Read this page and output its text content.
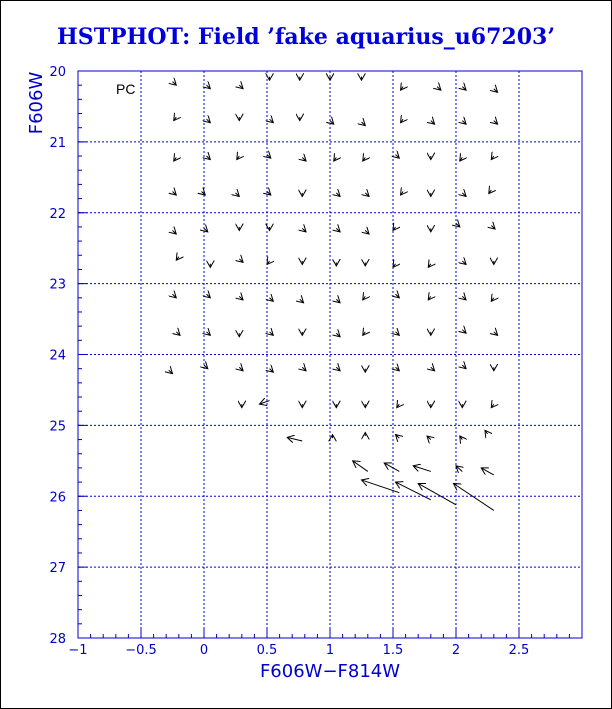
HSTPHOT: Field ’fake aquarius_u67203’
−1	−0.5	0	0.5	1	1.5	2	2.5
20
21
22
23
24
25
26
27
28
PC
F606W−F814W
F606W
